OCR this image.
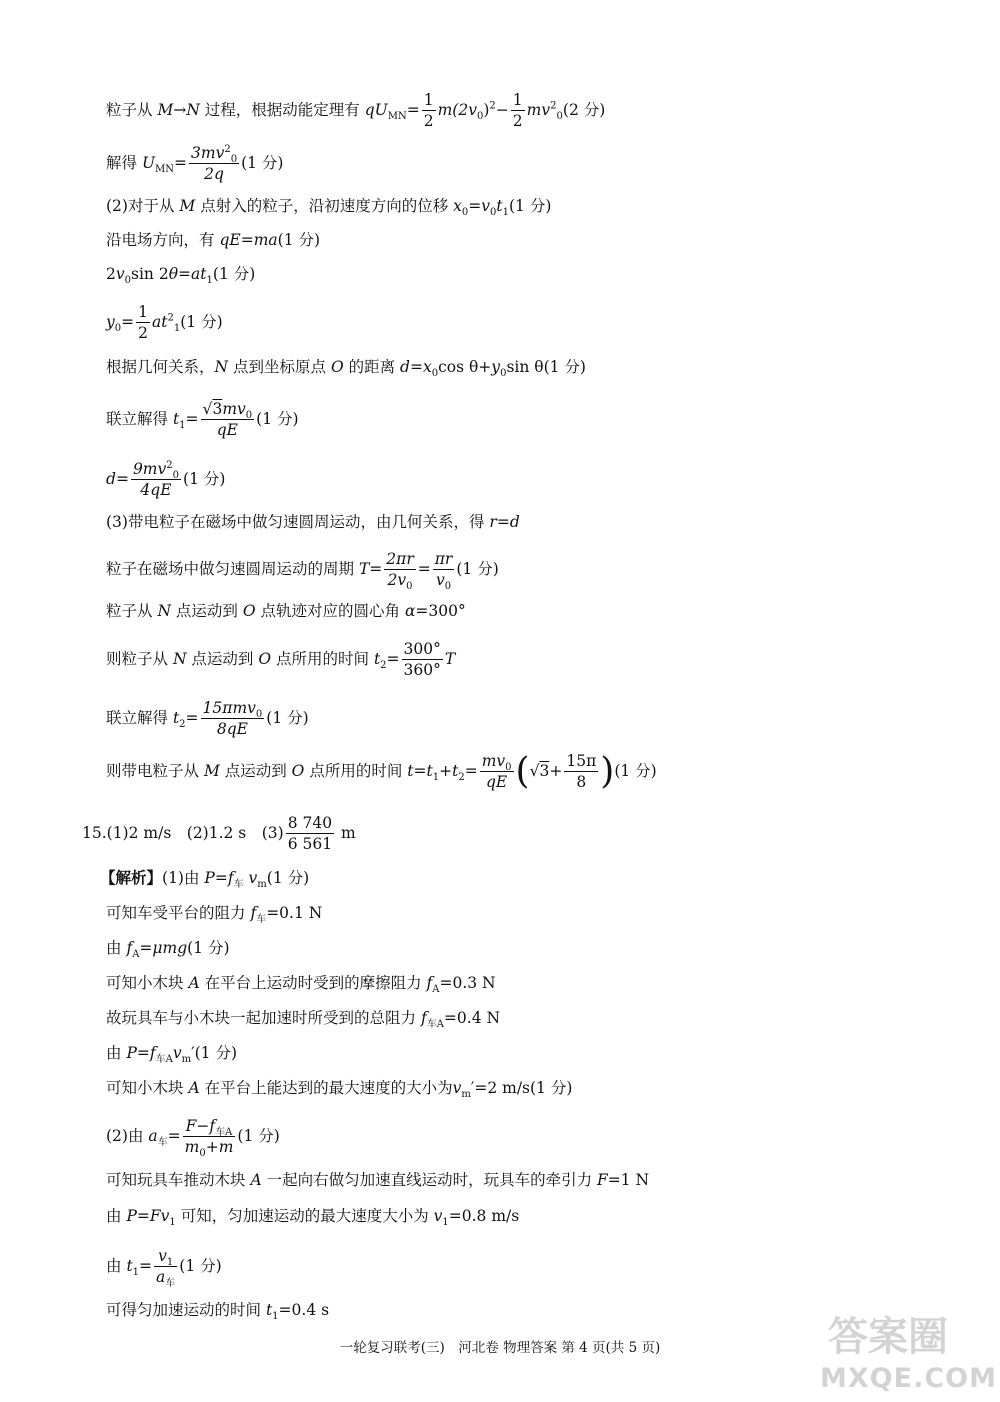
粒子从 M→N 过程，根据动能定理有 $qU_{MN}= \frac{1}{2} m(2v_0)^2- \frac{1}{2} mv^2_0(2$ 分)
解得 $U_{MN}= \frac{3mv^2_0}{2q} (1$ 分)
(2)对于从 M 点射入的粒子，沿初速度方向的位移 $x_0=v_0t_1(1$ 分)
沿电场方向，有 qE=ma(1 分)
$2v_0\sin$ $2\theta=at_1(1$ 分)
$y_0= \frac{1}{2} at^2_1(1$ 分)
根据几何关系，N 点到坐标原点 O 的距离 $d=x_0\cos$ $\theta+y_0\sin$ θ(1 分)
联立解得 $t_1= \frac{√3mv_0}{qE} (1$ 分)
$d= \frac{9mv^2_0}{4qE} (1$ 分)
(3)带电粒子在磁场中做匀速圆周运动，由几何关系，得 r=d
粒子在磁场中做匀速圆周运动的周期 $T= \frac{2\pi r}{2v_0} = \frac{\pi r}{v_0} (1$ 分)
粒子从 N 点运动到 O 点轨迹对应的圆心角 α=300°
则粒子从 N 点运动到 O 点所用的时间 $t_2= \frac{300^\circ}{360^\circ}$ T
联立解得 $t_2= \frac{15\pi mv_0}{8qE} (1$ 分)
则带电粒子从 M 点运动到 O 点所用的时间 $t=t_1+t_2= \frac{mv_0}{qE} (√3+ \frac{15\pi}{8} )(1$ 分)
15.(1)2 m/s　(2)1.2 s　$(3) \frac{8 740}{6 561}$ m
【解析】(1)由 $P=f_车$ $v_m(1$ 分)
可知车受平台的阻力 $f_车=0.1$ N
由 $f_A=\mu mg(1$ 分)
可知小木块 A 在平台上运动时受到的摩擦阻力 $f_A=0.3$ N
故玩具车与小木块一起加速时所受到的总阻力 $f_{车A}=0.4$ N
由 $P=f_{车A}v_m'(1$ 分)
可知小木块 A 在平台上能达到的最大速度的大小为$v_m'=2$ m/s(1 分)
(2)由 $a_车= \frac{F-f_{车A}}{m_0+m} (1$ 分)
可知玩具车推动木块 A 一起向右做匀加速直线运动时，玩具车的牵引力 F=1 N
由 $P=Fv_1$ 可知，匀加速运动的最大速度大小为 $v_1=0.8$ m/s
由 $t_1= \frac{v_1}{a_车} (1$ 分)
可得匀加速运动的时间 $t_1=0.4$ s
一轮复习联考(三)　河北卷 物理答案 第 4 页(共 5 页)	答案圈
MXQE.COM
